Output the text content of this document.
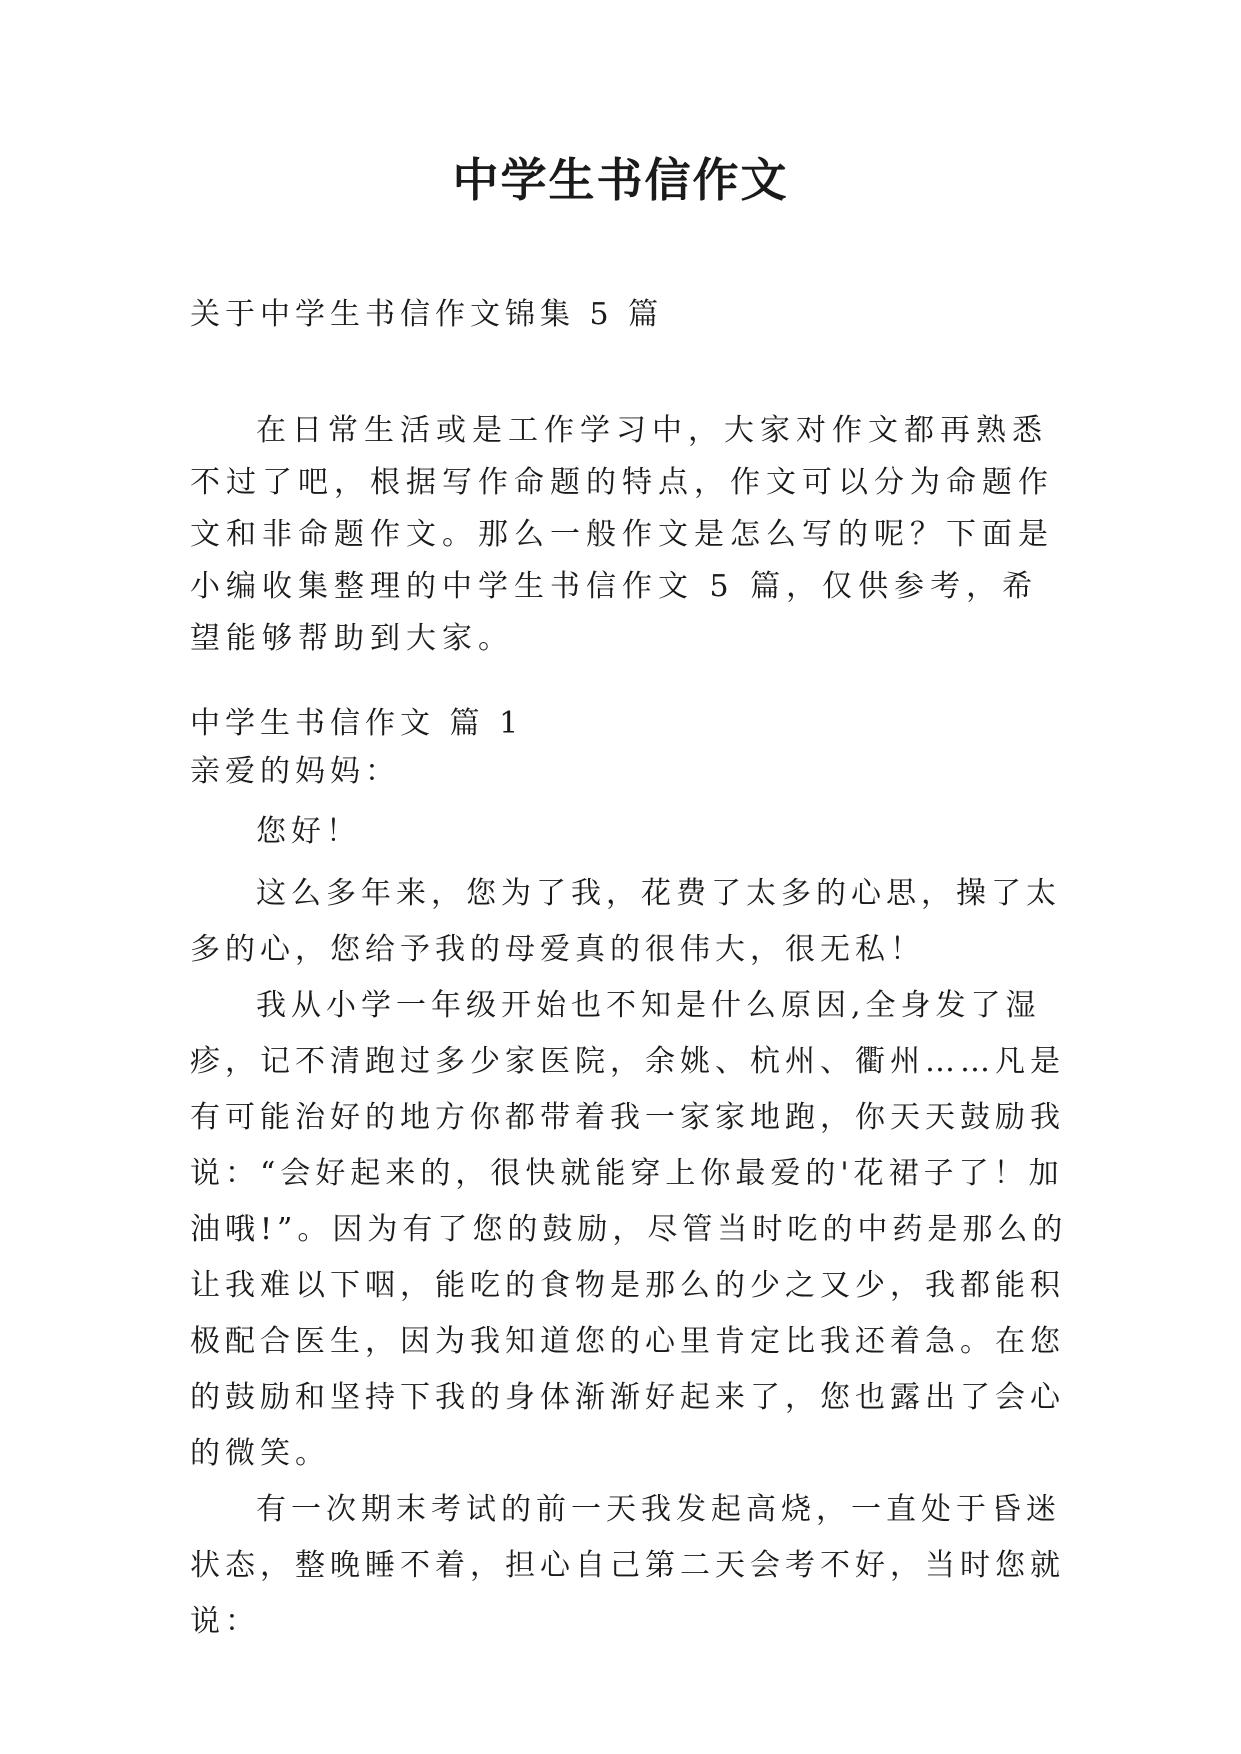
中学生书信作文

关于中学生书信作文锦集 5 篇

在日常生活或是工作学习中，大家对作文都再熟悉不过了吧，根据写作命题的特点，作文可以分为命题作文和非命题作文。那么一般作文是怎么写的呢？下面是小编收集整理的中学生书信作文 5 篇，仅供参考，希望能够帮助到大家。

中学生书信作文 篇 1

亲爱的妈妈：

您好！

这么多年来，您为了我，花费了太多的心思，操了太多的心，您给予我的母爱真的很伟大，很无私！

我从小学一年级开始也不知是什么原因,全身发了湿疹，记不清跑过多少家医院，余姚、杭州、衢州……凡是有可能治好的地方你都带着我一家家地跑，你天天鼓励我说：“会好起来的，很快就能穿上你最爱的'花裙子了！加油哦!”。因为有了您的鼓励，尽管当时吃的中药是那么的让我难以下咽，能吃的食物是那么的少之又少，我都能积极配合医生，因为我知道您的心里肯定比我还着急。在您的鼓励和坚持下我的身体渐渐好起来了，您也露出了会心的微笑。

有一次期末考试的前一天我发起高烧，一直处于昏迷状态，整晚睡不着，担心自己第二天会考不好，当时您就说：
